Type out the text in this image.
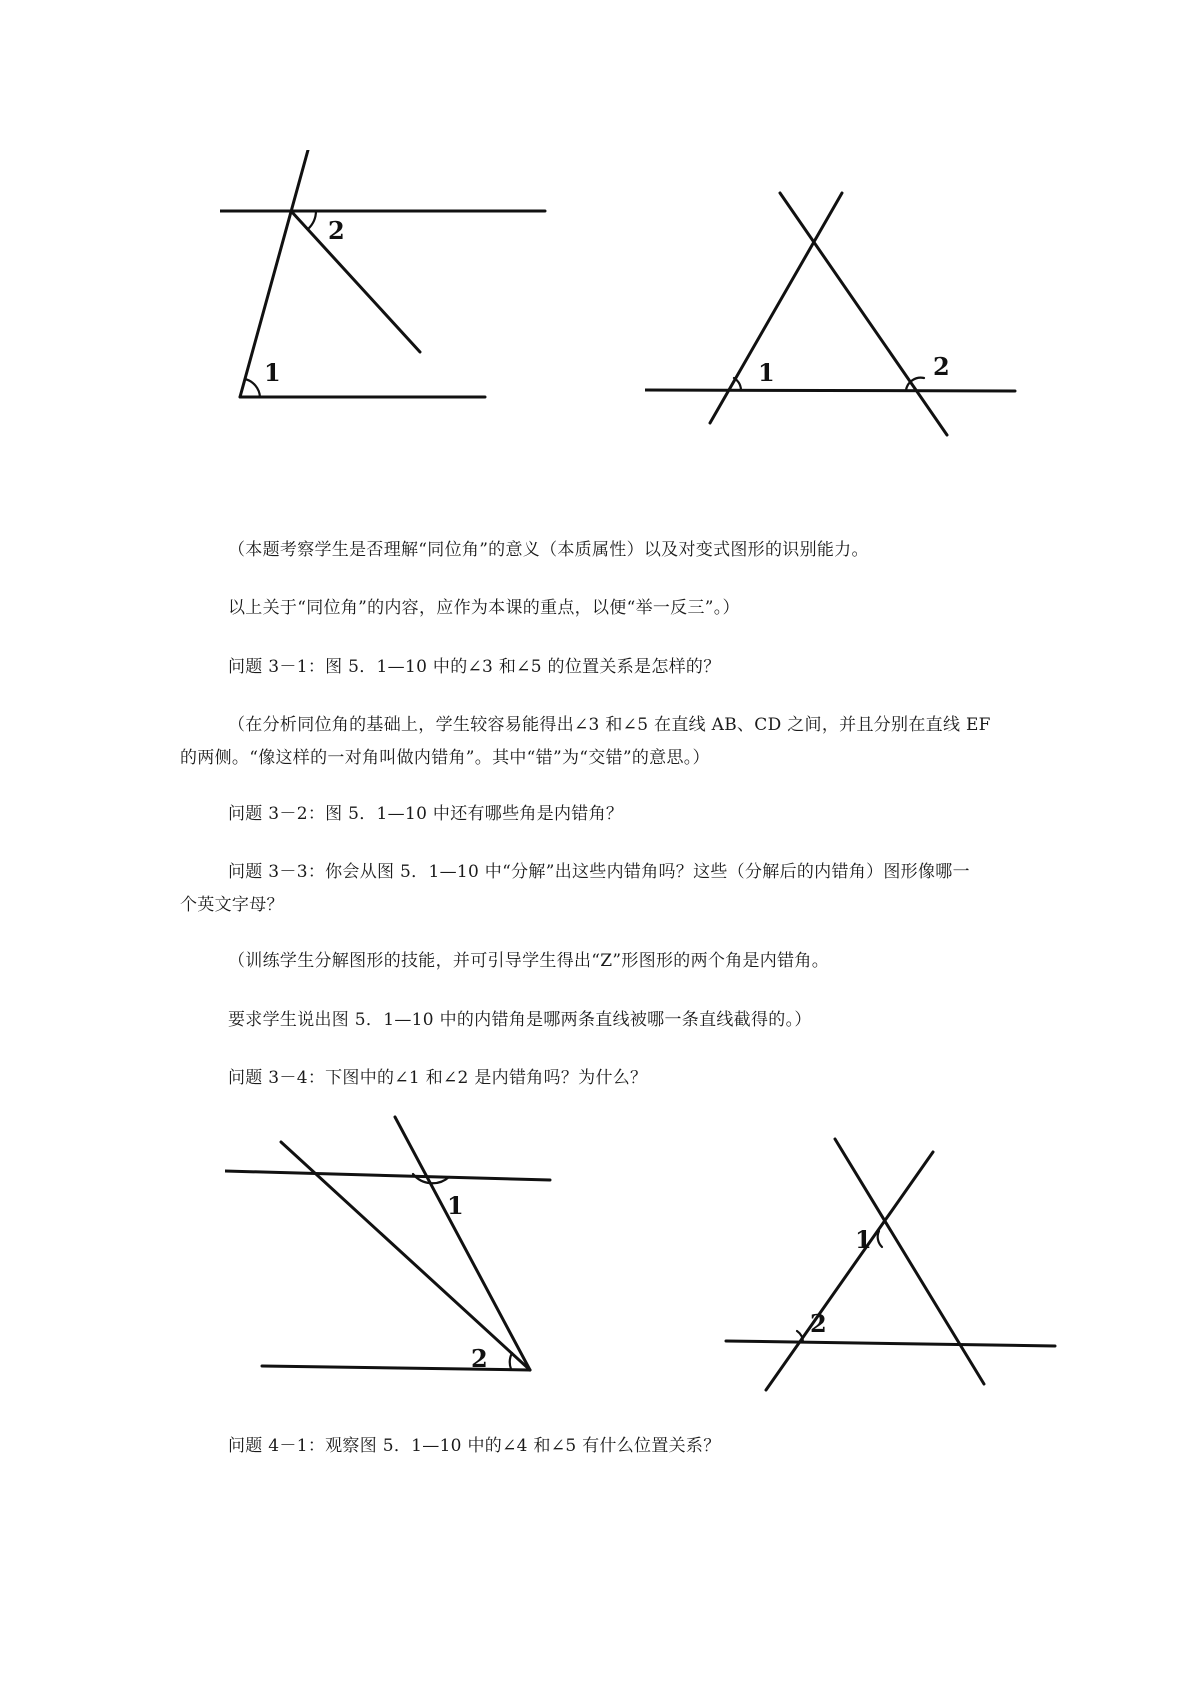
1
2
1	2

（本题考察学生是否理解“同位角”的意义（本质属性）以及对变式图形的识别能力。

以上关于“同位角”的内容，应作为本课的重点，以便“举一反三”。）

问题 3－1：图 5．1—10 中的∠3 和∠5 的位置关系是怎样的？

（在分析同位角的基础上，学生较容易能得出∠3 和∠5 在直线 AB、CD 之间，并且分别在直线 EF
的两侧。“像这样的一对角叫做内错角”。其中“错”为“交错”的意思。）

问题 3－2：图 5．1—10 中还有哪些角是内错角？

问题 3－3：你会从图 5．1—10 中“分解”出这些内错角吗？这些（分解后的内错角）图形像哪一
个英文字母？

（训练学生分解图形的技能，并可引导学生得出“Z”形图形的两个角是内错角。

要求学生说出图 5．1—10 中的内错角是哪两条直线被哪一条直线截得的。）

问题 3－4：下图中的∠1 和∠2 是内错角吗？为什么？

1
2
1
2

问题 4－1：观察图 5．1—10 中的∠4 和∠5 有什么位置关系？
